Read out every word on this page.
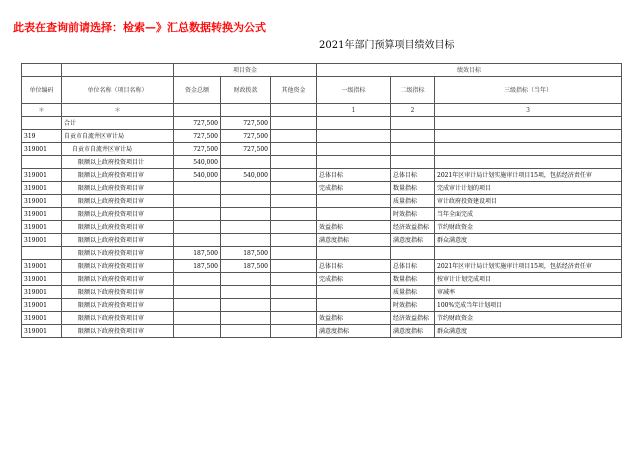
此表在查询前请选择：检索—》汇总数据转换为公式
2021年部门预算项目绩效目标
		项目资金			绩效目标		
单位编码	单位名称（项目名称）	资金总额	财政拨款	其他资金	一级指标	二级指标	三级指标（当年）
＊	＊				1	2	3
	合计	727,500	727,500				
319	自贡市自流井区审计局	727,500	727,500				
319001	自贡市自流井区审计局	727,500	727,500				
	限额以上政府投资项目计	540,000					
319001	限额以上政府投资项目审	540,000	540,000		总体目标	总体目标	2021年区审计局计划实施审计项目15项，包括经济责任审
319001	限额以上政府投资项目审				完成指标	数量指标	完成审计计划的项目
319001	限额以上政府投资项目审					质量指标	审计政府投资建设项目
319001	限额以上政府投资项目审					时效指标	当年全面完成
319001	限额以上政府投资项目审				效益指标	经济效益指标	节约财政资金
319001	限额以上政府投资项目审				满意度指标	满意度指标	群众满意度
	限额以下政府投资项目审	187,500	187,500				
319001	限额以下政府投资项目审	187,500	187,500		总体目标	总体目标	2021年区审计局计划实施审计项目15项，包括经济责任审
319001	限额以下政府投资项目审				完成指标	数量指标	按审计计划完成项目
319001	限额以下政府投资项目审					质量指标	审减率
319001	限额以下政府投资项目审					时效指标	100%完成当年计划项目
319001	限额以下政府投资项目审				效益指标	经济效益指标	节约财政资金
319001	限额以下政府投资项目审				满意度指标	满意度指标	群众满意度
